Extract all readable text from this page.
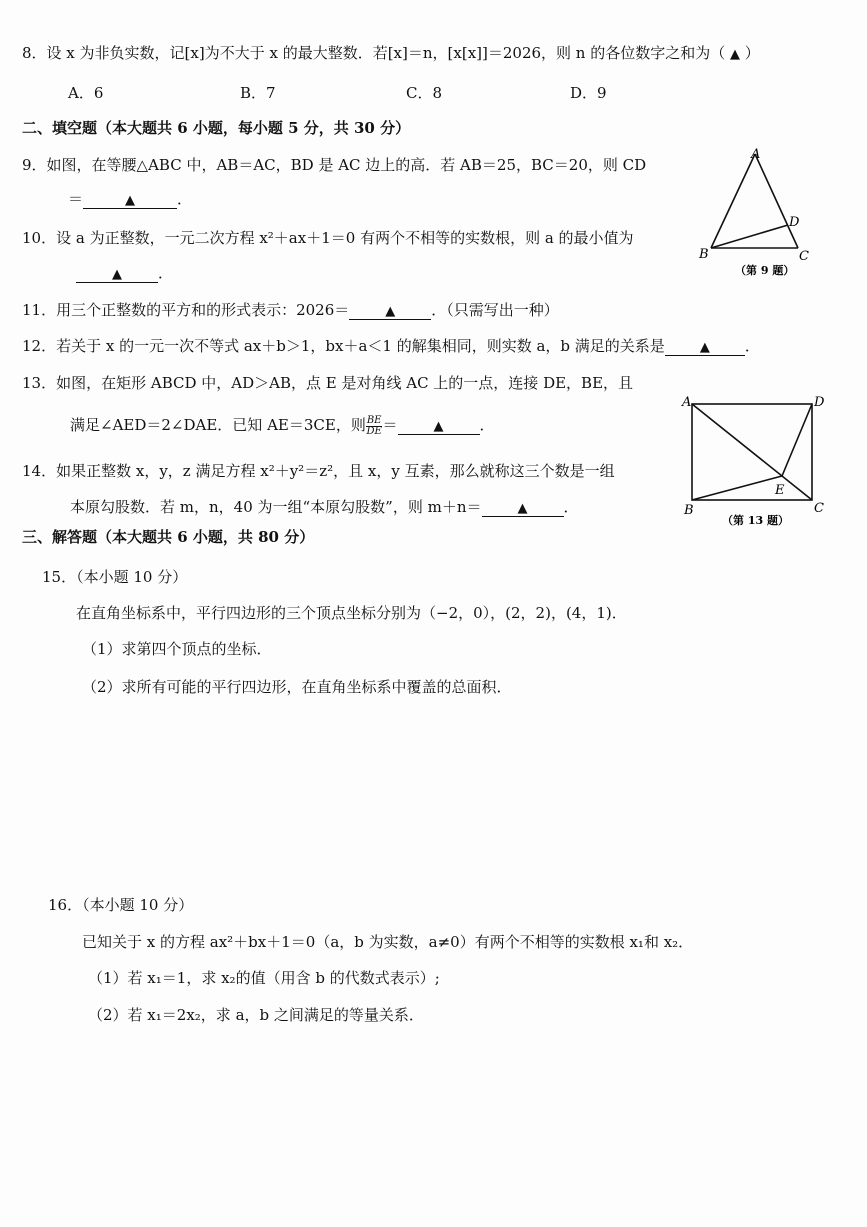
8．设 x 为非负实数，记[x]为不大于 x 的最大整数．若[x]＝n，[x[x]]＝2026，则 n 的各位数字之和为（ ▲ ）
A．6	B．7	C．8	D．9
二、填空题（本大题共 6 小题，每小题 5 分，共 30 分）
9．如图，在等腰△ABC 中，AB＝AC，BD 是 AC 边上的高．若 AB＝25，BC＝20，则 CD
＝	▲	．
A
B	C
D
（第 9 题）
10．设 a 为正整数，一元二次方程 x²＋ax＋1＝0 有两个不相等的实数根，则 a 的最小值为
▲ ．
11．用三个正整数的平方和的形式表示：2026＝	▲ ．（只需写出一种）
12．若关于 x 的一元一次不等式 ax＋b＞1，bx＋a＜1 的解集相同，则实数 a，b 满足的关系是	▲ ．
13．如图，在矩形 ABCD 中，AD＞AB，点 E 是对角线 AC 上的一点，连接 DE，BE，且
满足∠AED＝2∠DAE．已知 AE＝3CE，则 $\frac{BE}{DE}$ ＝	▲ ．
A	D
B	C
E
（第 13 题）
14．如果正整数 x，y，z 满足方程 x²＋y²＝z²，且 x，y 互素，那么就称这三个数是一组
本原勾股数．若 m，n，40 为一组“本原勾股数”，则 m＋n＝	▲ ．
三、解答题（本大题共 6 小题，共 80 分）
15．（本小题 10 分）
在直角坐标系中，平行四边形的三个顶点坐标分别为（−2，0），(2，2)，(4，1)．
（1）求第四个顶点的坐标．
（2）求所有可能的平行四边形，在直角坐标系中覆盖的总面积．
16．（本小题 10 分）
已知关于 x 的方程 ax²＋bx＋1＝0（a，b 为实数，a≠0）有两个不相等的实数根 x₁和 x₂．
（1）若 x₁＝1，求 x₂的值（用含 b 的代数式表示）;
（2）若 x₁＝2x₂，求 a，b 之间满足的等量关系．
